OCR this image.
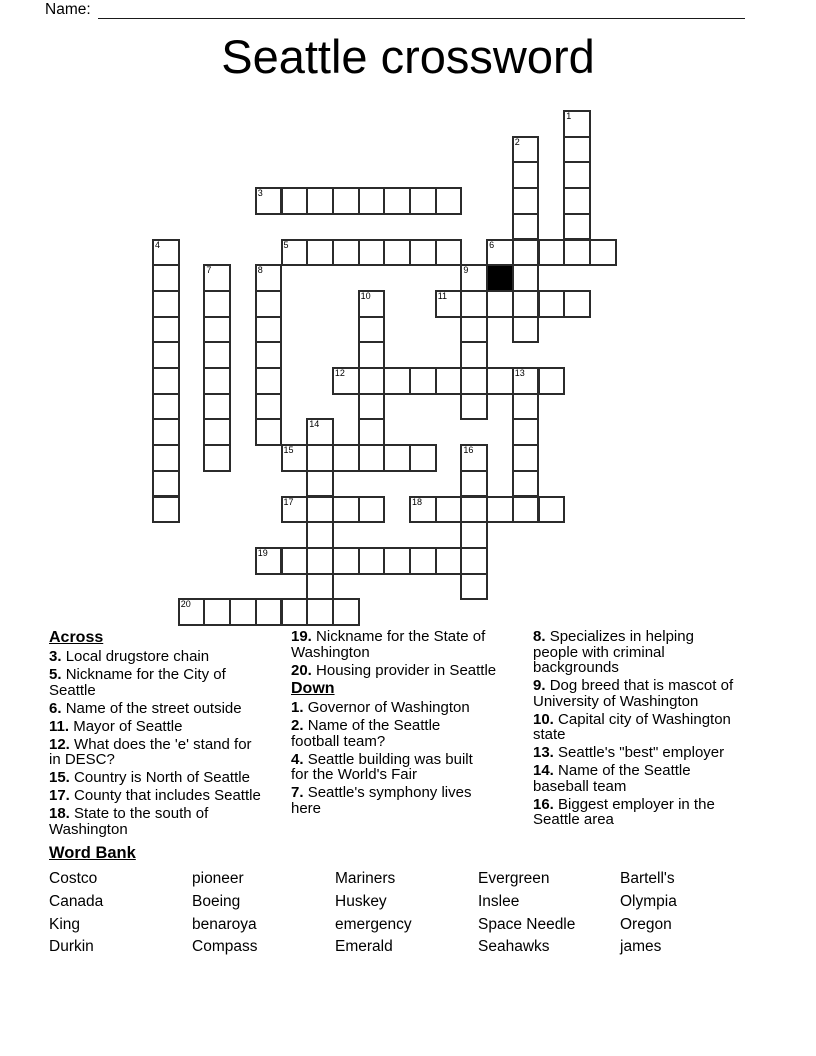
Name:
Seattle crossword
1
2
3
4	5	6
7	8	9
10	11
12	13
14
15	16
17	18
19
20
Across
3. Local drugstore chain
5. Nickname for the City of
Seattle
6. Name of the street outside
11. Mayor of Seattle
12. What does the 'e' stand for
in DESC?
15. Country is North of Seattle
17. County that includes Seattle
18. State to the south of
Washington
19. Nickname for the State of
Washington
20. Housing provider in Seattle
Down
1. Governor of Washington
2. Name of the Seattle
football team?
4. Seattle building was built
for the World's Fair
7. Seattle's symphony lives
here
8. Specializes in helping
people with criminal
backgrounds
9. Dog breed that is mascot of
University of Washington
10. Capital city of Washington
state
13. Seattle's "best" employer
14. Name of the Seattle
baseball team
16. Biggest employer in the
Seattle area
Word Bank
Costco	pioneer	Mariners	Evergreen	Bartell's
Canada	Boeing	Huskey	Inslee	Olympia
King	benaroya	emergency	Space Needle	Oregon
Durkin	Compass	Emerald	Seahawks	james
